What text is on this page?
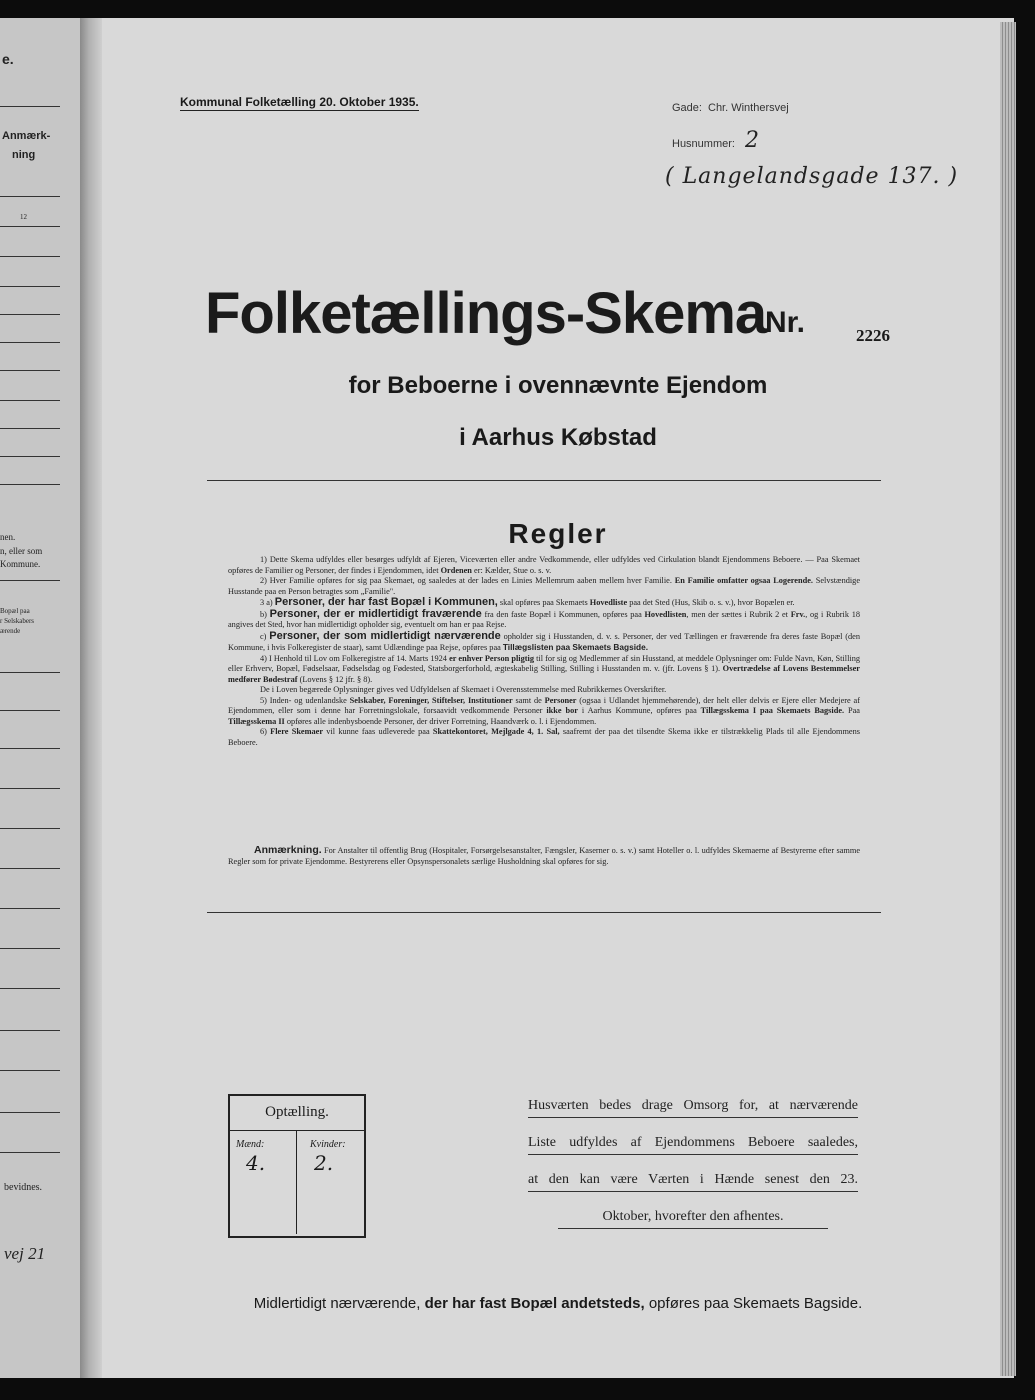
e.
Anmærk-
ning
12
nen.
n, eller som
Kommune.
Bopæl paa
r Selskabers
ærende
bevidnes.
vej 21
Kommunal Folketælling 20. Oktober 1935.	Gade: Chr. Winthersvej
Husnummer: 2
( Langelandsgade 137. )
Folketællings-Skema
Nr.	2226
for Beboerne i ovennævnte Ejendom
i Aarhus Købstad
Regler

1) Dette Skema udfyldes eller besørges udfyldt af Ejeren, Viceværten eller andre Vedkommende, eller udfyldes ved Cirkulation blandt Ejendommens Beboere. — Paa Skemaet opføres de Familier og Personer, der findes i Ejendommen, idet Ordenen er: Kælder, Stue o. s. v.

2) Hver Familie opføres for sig paa Skemaet, og saaledes at der lades en Linies Mellemrum aaben mellem hver Familie. En Familie omfatter ogsaa Logerende. Selvstændige Husstande paa en Person betragtes som „Familie".

3 a) Personer, der har fast Bopæl i Kommunen, skal opføres paa Skemaets Hovedliste paa det Sted (Hus, Skib o. s. v.), hvor Bopælen er.

b) Personer, der er midlertidigt fraværende fra den faste Bopæl i Kommunen, opføres paa Hovedlisten, men der sættes i Rubrik 2 et Frv., og i Rubrik 18 angives det Sted, hvor han midlertidigt opholder sig, eventuelt om han er paa Rejse.

c) Personer, der som midlertidigt nærværende opholder sig i Husstanden, d. v. s. Personer, der ved Tællingen er fraværende fra deres faste Bopæl (den Kommune, i hvis Folkeregister de staar), samt Udlændinge paa Rejse, opføres paa Tillægslisten paa Skemaets Bagside.

4) I Henhold til Lov om Folkeregistre af 14. Marts 1924 er enhver Person pligtig til for sig og Medlemmer af sin Husstand, at meddele Oplysninger om: Fulde Navn, Køn, Stilling eller Erhverv, Bopæl, Fødselsaar, Fødselsdag og Fødested, Statsborgerforhold, ægteskabelig Stilling, Stilling i Husstanden m. v. (jfr. Lovens § 1). Overtrædelse af Lovens Bestemmelser medfører Bødestraf (Lovens § 12 jfr. § 8).

De i Loven begærede Oplysninger gives ved Udfyldelsen af Skemaet i Overensstemmelse med Rubrikkernes Overskrifter.

5) Inden- og udenlandske Selskaber, Foreninger, Stiftelser, Institutioner samt de Personer (ogsaa i Udlandet hjemmehørende), der helt eller delvis er Ejere eller Medejere af Ejendommen, eller som i denne har Forretningslokale, forsaavidt vedkommende Personer ikke bor i Aarhus Kommune, opføres paa Tillægsskema I paa Skemaets Bagside. Paa Tillægsskema II opføres alle indenbysboende Personer, der driver Forretning, Haandværk o. l. i Ejendommen.

6) Flere Skemaer vil kunne faas udleverede paa Skattekontoret, Mejlgade 4, 1. Sal, saafremt der paa det tilsendte Skema ikke er tilstrækkelig Plads til alle Ejendommens Beboere.

Anmærkning. For Anstalter til offentlig Brug (Hospitaler, Forsørgelsesanstalter, Fængsler, Kaserner o. s. v.) samt Hoteller o. l. udfyldes Skemaerne af Bestyrerne efter samme Regler som for private Ejendomme. Bestyrerens eller Opsynspersonalets særlige Husholdning skal opføres for sig.
Optælling.
Mænd:	Kvinder:
4. 2.
Husværten bedes drage Omsorg for, at nærværende
Liste udfyldes af Ejendommens Beboere saaledes,
at den kan være Værten i Hænde senest den 23.
Oktober, hvorefter den afhentes.
Midlertidigt nærværende, der har fast Bopæl andetsteds, opføres paa Skemaets Bagside.
